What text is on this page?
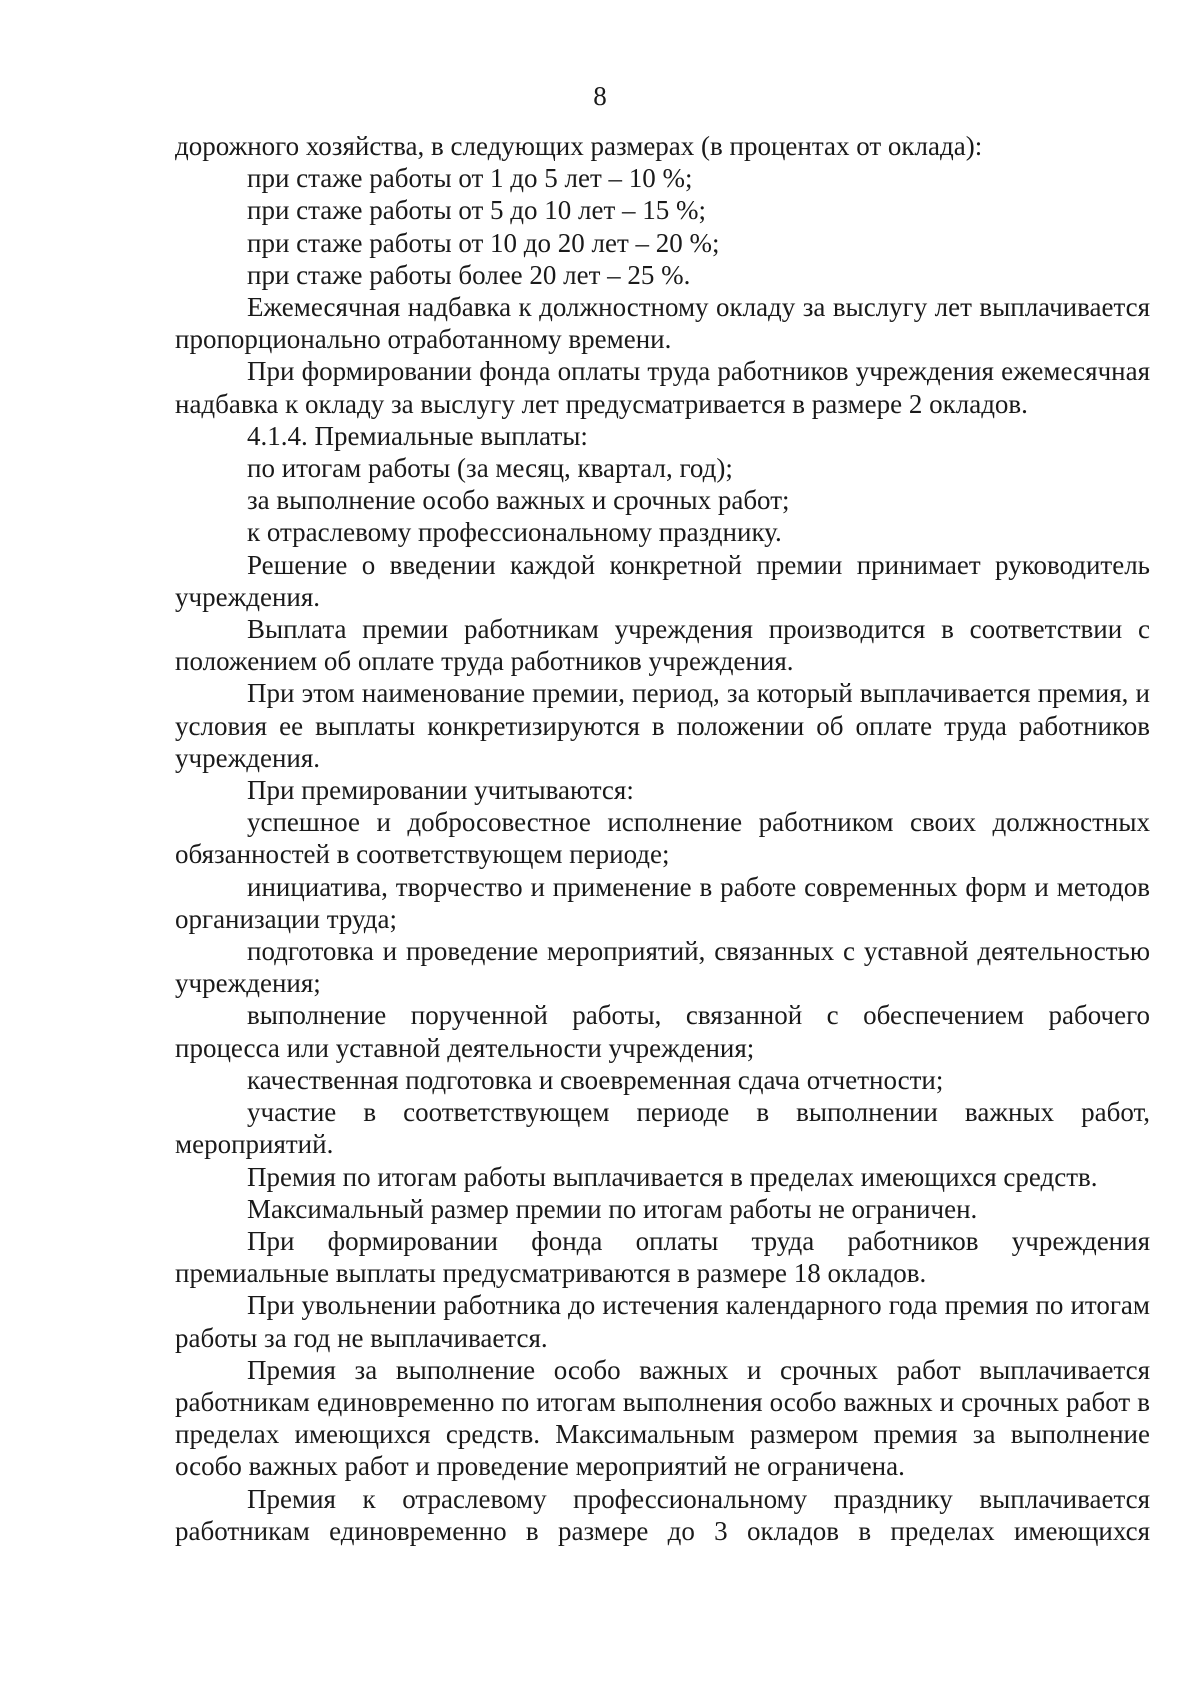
8

дорожного хозяйства, в следующих размерах (в процентах от оклада):

при стаже работы от 1 до 5 лет – 10 %;

при стаже работы от 5 до 10 лет – 15 %;

при стаже работы от 10 до 20 лет – 20 %;

при стаже работы более 20 лет – 25 %.

Ежемесячная надбавка к должностному окладу за выслугу лет выплачивается пропорционально отработанному времени.

При формировании фонда оплаты труда работников учреждения ежемесячная надбавка к окладу за выслугу лет предусматривается в размере 2 окладов.

4.1.4. Премиальные выплаты:

по итогам работы (за месяц, квартал, год);

за выполнение особо важных и срочных работ;

к отраслевому профессиональному празднику.

Решение о введении каждой конкретной премии принимает руководитель учреждения.

Выплата премии работникам учреждения производится в соответствии с положением об оплате труда работников учреждения.

При этом наименование премии, период, за который выплачивается премия, и условия ее выплаты конкретизируются в положении об оплате труда работников учреждения.

При премировании учитываются:

успешное и добросовестное исполнение работником своих должностных обязанностей в соответствующем периоде;

инициатива, творчество и применение в работе современных форм и методов организации труда;

подготовка и проведение мероприятий, связанных с уставной деятельностью учреждения;

выполнение порученной работы, связанной с обеспечением рабочего процесса или уставной деятельности учреждения;

качественная подготовка и своевременная сдача отчетности;

участие в соответствующем периоде в выполнении важных работ, мероприятий.

Премия по итогам работы выплачивается в пределах имеющихся средств.

Максимальный размер премии по итогам работы не ограничен.

При формировании фонда оплаты труда работников учреждения премиальные выплаты предусматриваются в размере 18 окладов.

При увольнении работника до истечения календарного года премия по итогам работы за год не выплачивается.

Премия за выполнение особо важных и срочных работ выплачивается работникам единовременно по итогам выполнения особо важных и срочных работ в пределах имеющихся средств. Максимальным размером премия за выполнение особо важных работ и проведение мероприятий не ограничена.

Премия к отраслевому профессиональному празднику выплачивается работникам единовременно в размере до 3 окладов в пределах имеющихся
